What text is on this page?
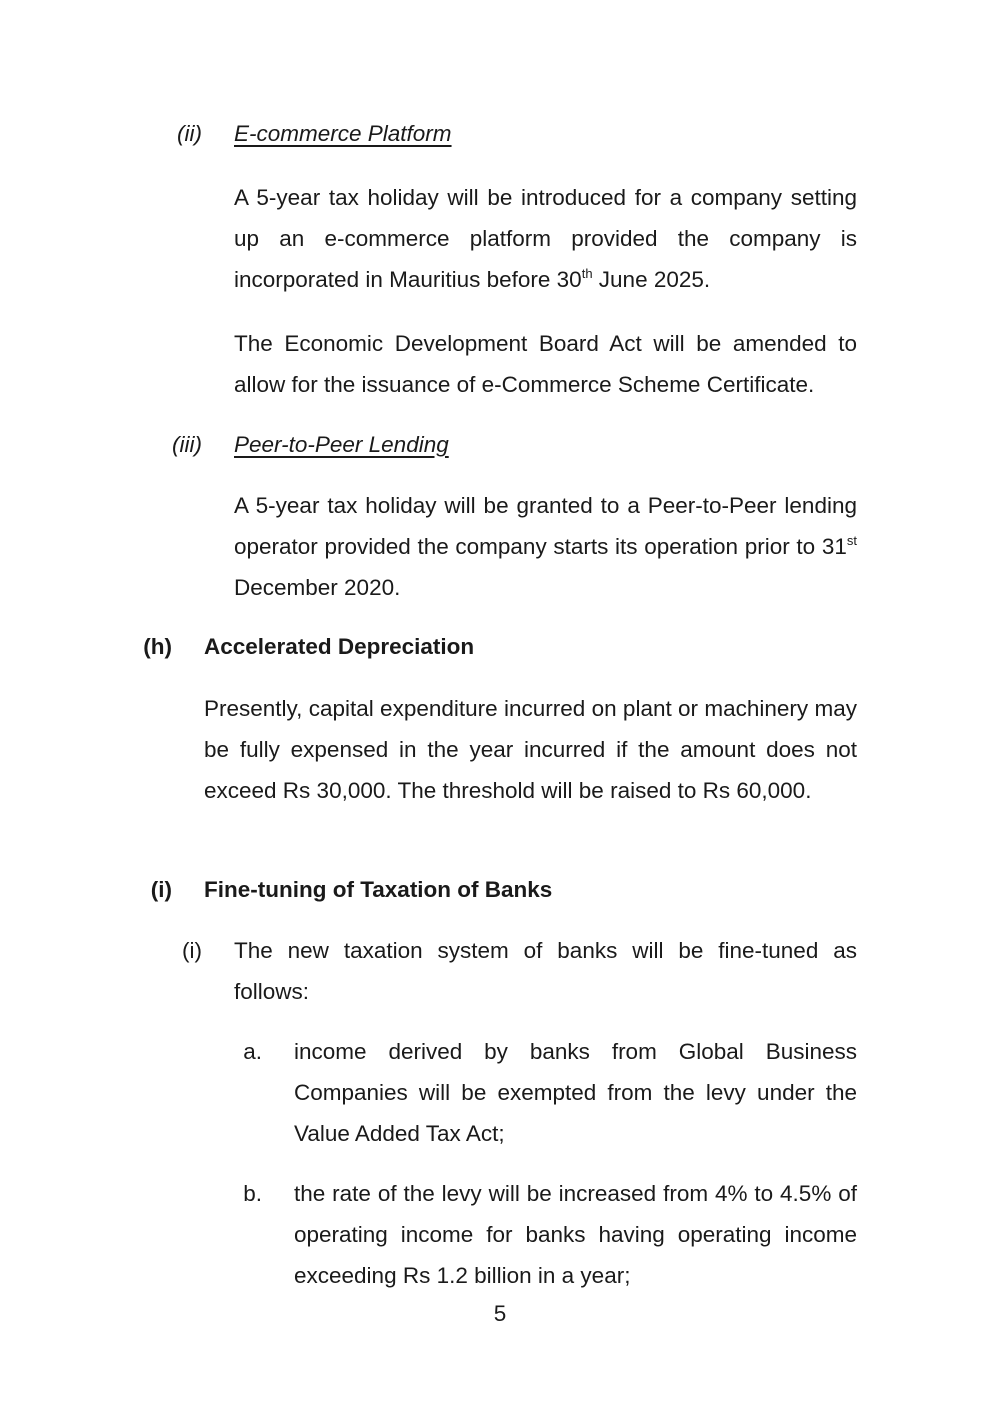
(ii) E-commerce Platform

A 5-year tax holiday will be introduced for a company setting up an e-commerce platform provided the company is incorporated in Mauritius before 30th June 2025.

The Economic Development Board Act will be amended to allow for the issuance of e-Commerce Scheme Certificate.

(iii) Peer-to-Peer Lending

A 5-year tax holiday will be granted to a Peer-to-Peer lending operator provided the company starts its operation prior to 31st December 2020.

(h) Accelerated Depreciation

Presently, capital expenditure incurred on plant or machinery may be fully expensed in the year incurred if the amount does not exceed Rs 30,000. The threshold will be raised to Rs 60,000.

(i) Fine-tuning of Taxation of Banks
(i) The new taxation system of banks will be fine-tuned as follows:

a. income derived by banks from Global Business Companies will be exempted from the levy under the Value Added Tax Act;

b. the rate of the levy will be increased from 4% to 4.5% of operating income for banks having operating income exceeding Rs 1.2 billion in a year;

5
